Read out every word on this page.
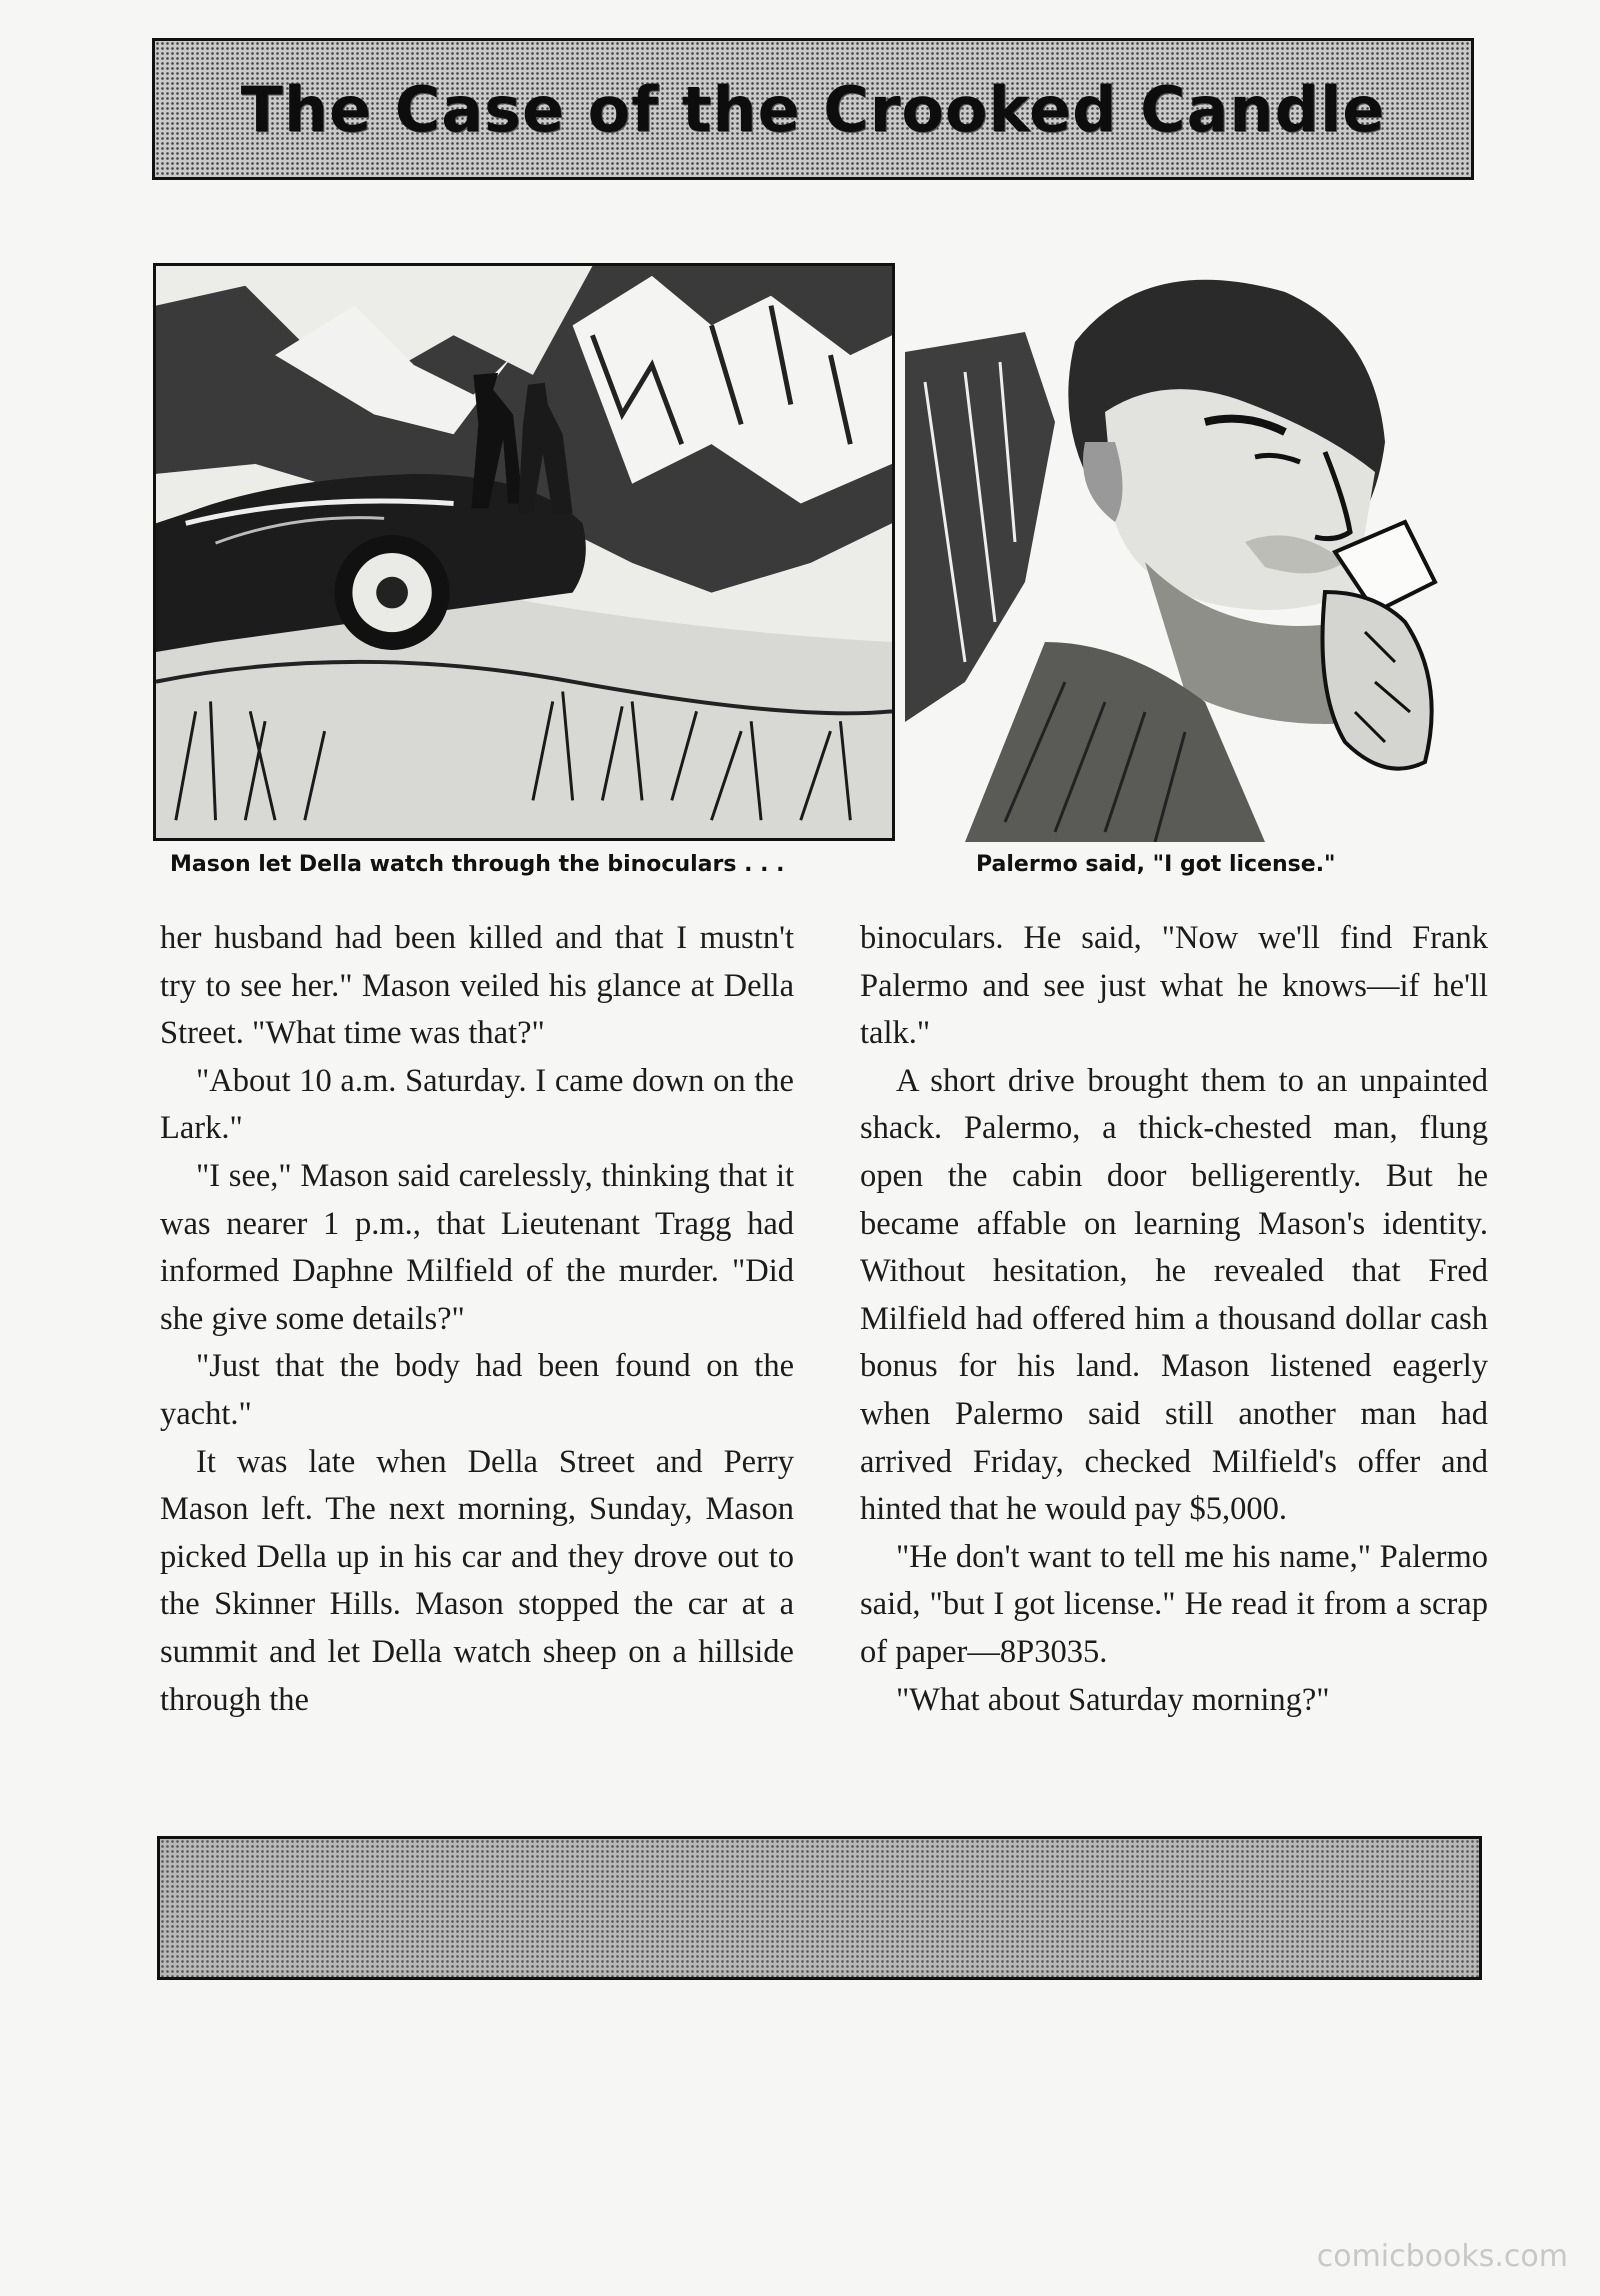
The Case of the Crooked Candle
Mason let Della watch through the binoculars . . .	Palermo said, "I got license."

her husband had been killed and that I mustn't try to see her." Mason veiled his glance at Della Street. "What time was that?"

"About 10 a.m. Saturday. I came down on the Lark."

"I see," Mason said carelessly, thinking that it was nearer 1 p.m., that Lieutenant Tragg had informed Daphne Milfield of the murder. "Did she give some details?"

"Just that the body had been found on the yacht."

It was late when Della Street and Perry Mason left. The next morning, Sunday, Mason picked Della up in his car and they drove out to the Skinner Hills. Mason stopped the car at a summit and let Della watch sheep on a hillside through the

binoculars. He said, "Now we'll find Frank Palermo and see just what he knows—if he'll talk."

A short drive brought them to an unpainted shack. Palermo, a thick-chested man, flung open the cabin door belligerently. But he became affable on learning Mason's identity. Without hesitation, he revealed that Fred Milfield had offered him a thousand dollar cash bonus for his land. Mason listened eagerly when Palermo said still another man had arrived Friday, checked Milfield's offer and hinted that he would pay $5,000.

"He don't want to tell me his name," Palermo said, "but I got license." He read it from a scrap of paper—8P3035.

"What about Saturday morning?"

comicbooks.com
